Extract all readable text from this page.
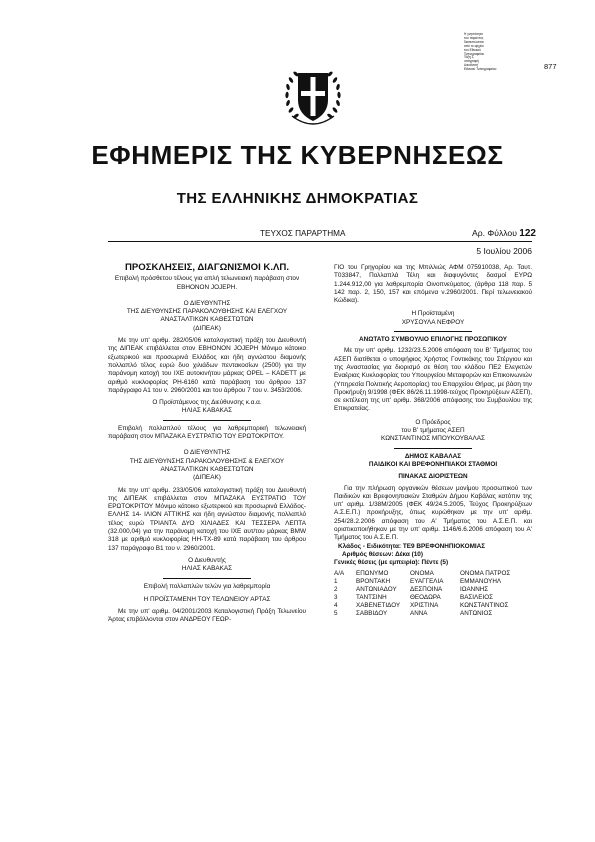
Η γνησιότητα
του παρόντος
διαπιστώνεται
από το αρχείο
του Εθνικού
Τυπογραφείου
Τάξη 1,
υπογραφή
Διευθυντή
Εθνικού Τυπογραφείου	877
ΕΦΗΜΕΡΙΣ ΤΗΣ ΚΥΒΕΡΝΗΣΕΩΣ
ΤΗΣ ΕΛΛΗΝΙΚΗΣ ΔΗΜΟΚΡΑΤΙΑΣ
ΤΕΥΧΟΣ ΠΑΡΑΡΤΗΜΑ	Αρ. Φύλλου 122
5 Ιουλίου 2006
ΠΡΟΣΚΛΗΣΕΙΣ, ΔΙΑΓΩΝΙΣΜΟΙ Κ.ΛΠ.
Επιβολή πρόσθετου τέλους για απλή τελωνειακή παράβαση στον EBHONON JOJEPH.
Ο ΔΙΕΥΘΥΝΤΗΣ
ΤΗΣ ΔΙΕΥΘΥΝΣΗΣ ΠΑΡΑΚΟΛΟΥΘΗΣΗΣ ΚΑΙ ΕΛΕΓΧΟΥ
ΑΝΑΣΤΑΛΤΙΚΩΝ ΚΑΘΕΣΤΩΤΩΝ
(ΔΙΠΕΑΚ)
Με την υπ' αριθμ. 282/05/06 καταλογιστική πράξη του Διευθυντή της ΔΙΠΕΑΚ επιβάλλεται στον EBHONON JOJEPH Μόνιμο κάτοικο εξωτερικού και προσωρινά Ελλάδος και ήδη αγνώστου διαμονής πολλαπλό τέλος ευρώ δυο χιλιάδων πεντακοσίων (2500) για την παράνομη κατοχή του ΙΧΕ αυτοκινήτου μάρκας OPEL – KADETT με αριθμό κυκλοφορίας ΡΗ-6160 κατά παράβαση του άρθρου 137 παράγραφο Α1 του ν. 2960/2001 και του άρθρου 7 του ν. 3453/2006.
Ο Προϊστάμενος της Διεύθυνσης κ.α.α.
ΗΛΙΑΣ ΚΑΒΑΚΑΣ
Επιβολή πολλαπλού τέλους για λαθρεμπορική τελωνειακή παράβαση στον ΜΠΑΖΑΚΑ ΕΥΣΤΡΑΤΙΟ ΤΟΥ ΕΡΩΤΟΚΡΙΤΟΥ.
Ο ΔΙΕΥΘΥΝΤΗΣ
ΤΗΣ ΔΙΕΥΘΥΝΣΗΣ ΠΑΡΑΚΟΛΟΥΘΗΣΗΣ & ΕΛΕΓΧΟΥ
ΑΝΑΣΤΑΛΤΙΚΩΝ ΚΑΘΕΣΤΩΤΩΝ
(ΔΙΠΕΑΚ)
Με την υπ' αριθμ. 233/05/06 καταλογιστική πράξη του Διευθυντή της ΔΙΠΕΑΚ επιβάλλεται στον ΜΠΑΖΑΚΑ ΕΥΣΤΡΑΤΙΟ ΤΟΥ ΕΡΩΤΟΚΡΙΤΟΥ Μόνιμο κάτοικο εξωτερικού και προσωρινά Ελλάδος-ΕΛΛΗΣ 14- ΙΛΙΟΝ ΑΤΤΙΚΗΣ και ήδη αγνώστου διαμονής πολλαπλό τέλος ευρώ ΤΡΙΑΝΤΑ ΔΥΟ ΧΙΛΙΑΔΕΣ ΚΑΙ ΤΕΣΣΕΡΑ ΛΕΠΤΑ (32.000,04) για την παράνομη κατοχή του ΙΧΕ αυτ/του μάρκας BMW 318 με αριθμό κυκλοφορίας ΗΗ-ΤΧ-89 κατά παράβαση του άρθρου 137 παράγραφο Β1 του ν. 2960/2001.
Ο Διευθυντής
ΗΛΙΑΣ ΚΑΒΑΚΑΣ
Επιβολή πολλαπλών τελών για λαθρεμπορία
Η ΠΡΟΪΣΤΑΜΕΝΗ ΤΟΥ ΤΕΛΩΝΕΙΟΥ ΑΡΤΑΣ
Με την υπ' αριθμ. 04/2001/2003 Καταλογιστική Πράξη Τελωνείου Άρτας επιβάλλονται στον ΑΝΔΡΕΟΥ ΓΕΩΡ-
ΓΙΟ του Γρηγορίου και της Μπιλλιώς ΑΦΜ 075910038, Αρ. Ταυτ. Τ033847, Πολλαπλά Τέλη και διαφυγόντες δασμοί ΕΥΡΩ 1.244.912,00 για λαθρεμπορία Οινοπνεύματος. (άρθρα 118 παρ. 5 142 παρ. 2, 150, 157 και επόμενα ν.2960/2001. Περί τελωνειακού Κώδικα).
Η Προϊσταμένη
ΧΡΥΣΟΥΛΑ ΝΕΦΡΟΥ
ΑΝΩΤΑΤΟ ΣΥΜΒΟΥΛΙΟ ΕΠΙΛΟΓΗΣ ΠΡΟΣΩΠΙΚΟΥ
Με την υπ' αριθμ. 1232/23.5.2006 απόφαση του Β' Τμήματος του ΑΣΕΠ διατίθεται ο υποψήφιος Χρήστος Γοντικάκης του Στέργιου και της Αναστασίας για διορισμό σε θέση του κλάδου ΠΕ2 Ελεγκτών Εναέριας Κυκλοφορίας του Υπουργείου Μεταφορών και Επικοινωνιών (Υπηρεσία Πολιτικής Αεροπορίας) του Επαρχείου Θήρας, με βάση την Προκήρυξη 9/1998 (ΦΕΚ 86/26.11.1998-τεύχος Προκηρύξεων ΑΣΕΠ), σε εκτέλεση της υπ' αριθμ. 368/2006 απόφασης του Συμβουλίου της Επικρατείας.
Ο Πρόεδρος
του Β' τμήματος ΑΣΕΠ
ΚΩΝΣΤΑΝΤΙΝΟΣ ΜΠΟΥΚΟΥΒΑΛΑΣ
ΔΗΜΟΣ ΚΑΒΑΛΑΣ
ΠΑΙΔΙΚΟΙ ΚΑΙ ΒΡΕΦΟΝΗΠΙΑΚΟΙ ΣΤΑΘΜΟΙ
ΠΙΝΑΚΑΣ ΔΙΟΡΙΣΤΕΩΝ
Για την πλήρωση οργανικών θέσεων μονίμου προσωπικού των Παιδικών και Βρεφονηπιακών Σταθμών Δήμου Καβάλας κατόπιν της υπ' αριθμ. 1/38Μ/2005 (ΦΕΚ 49/24.5.2005, Τεύχος Προκηρύξεων Α.Σ.Ε.Π.) προκήρυξης, όπως κυρώθηκαν με την υπ' αριθμ. 254/28.2.2006 απόφαση του Α' Τμήματος του Α.Σ.Ε.Π. και οριστικοποιήθηκαν με την υπ' αριθμ. 1146/6.6.2006 απόφαση του Α' Τμήματος του Α.Σ.Ε.Π.
Κλάδος - Ειδικότητα: ΤΕ9 ΒΡΕΦΟΝΗΠΙΟΚΟΜΙΑΣ
Αριθμός θέσεων: Δέκα (10)
Γενικές θέσεις (με εμπειρία): Πέντε (5)
Α/Α	ΕΠΩΝΥΜΟ	ΟΝΟΜΑ	ΟΝΟΜΑ ΠΑΤΡΟΣ
1	ΒΡΟΝΤΑΚΗ	ΕΥΑΓΓΕΛΙΑ	ΕΜΜΑΝΟΥΗΛ
2	ΑΝΤΩΝΙΑΔΟΥ	ΔΕΣΠΟΙΝΑ	ΙΩΑΝΝΗΣ
3	ΤΑΝΤΣΙΝΗ	ΘΕΟΔΩΡΑ	ΒΑΣΙΛΕΙΟΣ
4	ΧΑΒΕΝΕΤΙΔΟΥ	ΧΡΙΣΤΙΝΑ	ΚΩΝΣΤΑΝΤΙΝΟΣ
5	ΣΑΒΒΙΔΟΥ	ΑΝΝΑ	ΑΝΤΩΝΙΟΣ
